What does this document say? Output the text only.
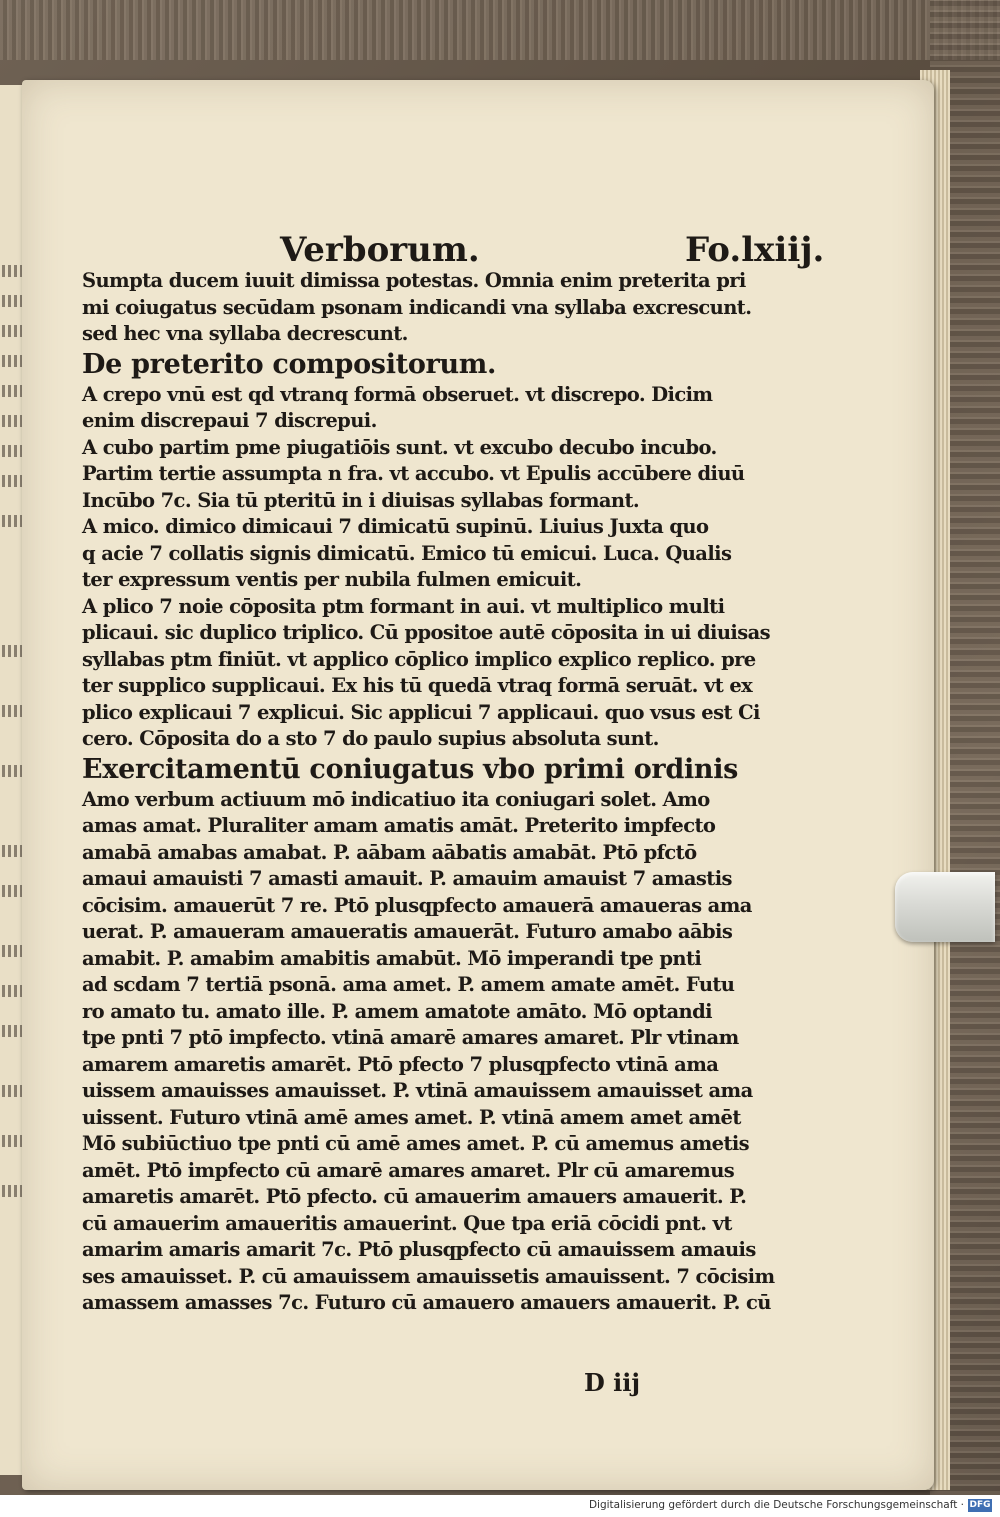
Verborum.	Fo.lxiij.
Sumpta ducem iuuit dimissa potestas. Omnia enim preterita pri
mi coiugatus secūdam psonam indicandi vna syllaba excrescunt.
sed hec vna syllaba decrescunt.
De preterito compositorum.
A crepo vnū est qd vtranq formā obseruet. vt discrepo. Dicim
enim discrepaui 7 discrepui.
A cubo partim pme piugatiōis sunt. vt excubo decubo incubo.
Partim tertie assumpta n fra. vt accubo. vt Epulis accūbere diuū
Incūbo 7c. Sia tū pteritū in i diuisas syllabas formant.
A mico. dimico dimicaui 7 dimicatū supinū. Liuius Juxta quo
q acie 7 collatis signis dimicatū. Emico tū emicui. Luca. Qualis
ter expressum ventis per nubila fulmen emicuit.
A plico 7 noie cōposita ptm formant in aui. vt multiplico multi
plicaui. sic duplico triplico. Cū ppositoe autē cōposita in ui diuisas
syllabas ptm finiūt. vt applico cōplico implico explico replico. pre
ter supplico supplicaui. Ex his tū quedā vtraq formā seruāt. vt ex
plico explicaui 7 explicui. Sic applicui 7 applicaui. quo vsus est Ci
cero. Cōposita do a sto 7 do paulo supius absoluta sunt.
Exercitamentū coniugatus vbo primi ordinis
Amo verbum actiuum mō indicatiuo ita coniugari solet. Amo
amas amat. Pluraliter amam amatis amāt. Preterito impfecto
amabā amabas amabat. P. aābam aābatis amabāt. Ptō pfctō
amaui amauisti 7 amasti amauit. P. amauim amauist 7 amastis
cōcisim. amauerūt 7 re. Ptō plusqpfecto amauerā amaueras ama
uerat. P. amaueram amaueratis amauerāt. Futuro amabo aābis
amabit. P. amabim amabitis amabūt. Mō imperandi tpe pnti
ad scdam 7 tertiā psonā. ama amet. P. amem amate amēt. Futu
ro amato tu. amato ille. P. amem amatote amāto. Mō optandi
tpe pnti 7 ptō impfecto. vtinā amarē amares amaret. Plr vtinam
amarem amaretis amarēt. Ptō pfecto 7 plusqpfecto vtinā ama
uissem amauisses amauisset. P. vtinā amauissem amauisset ama
uissent. Futuro vtinā amē ames amet. P. vtinā amem amet amēt
Mō subiūctiuo tpe pnti cū amē ames amet. P. cū amemus ametis
amēt. Ptō impfecto cū amarē amares amaret. Plr cū amaremus
amaretis amarēt. Ptō pfecto. cū amauerim amauers amauerit. P.
cū amauerim amaueritis amauerint. Que tpa eriā cōcidi pnt. vt
amarim amaris amarit 7c. Ptō plusqpfecto cū amauissem amauis
ses amauisset. P. cū amauissem amauissetis amauissent. 7 cōcisim
amassem amasses 7c. Futuro cū amauero amauers amauerit. P. cū
D iij
Digitalisierung gefördert durch die Deutsche Forschungsgemeinschaft · DFG
